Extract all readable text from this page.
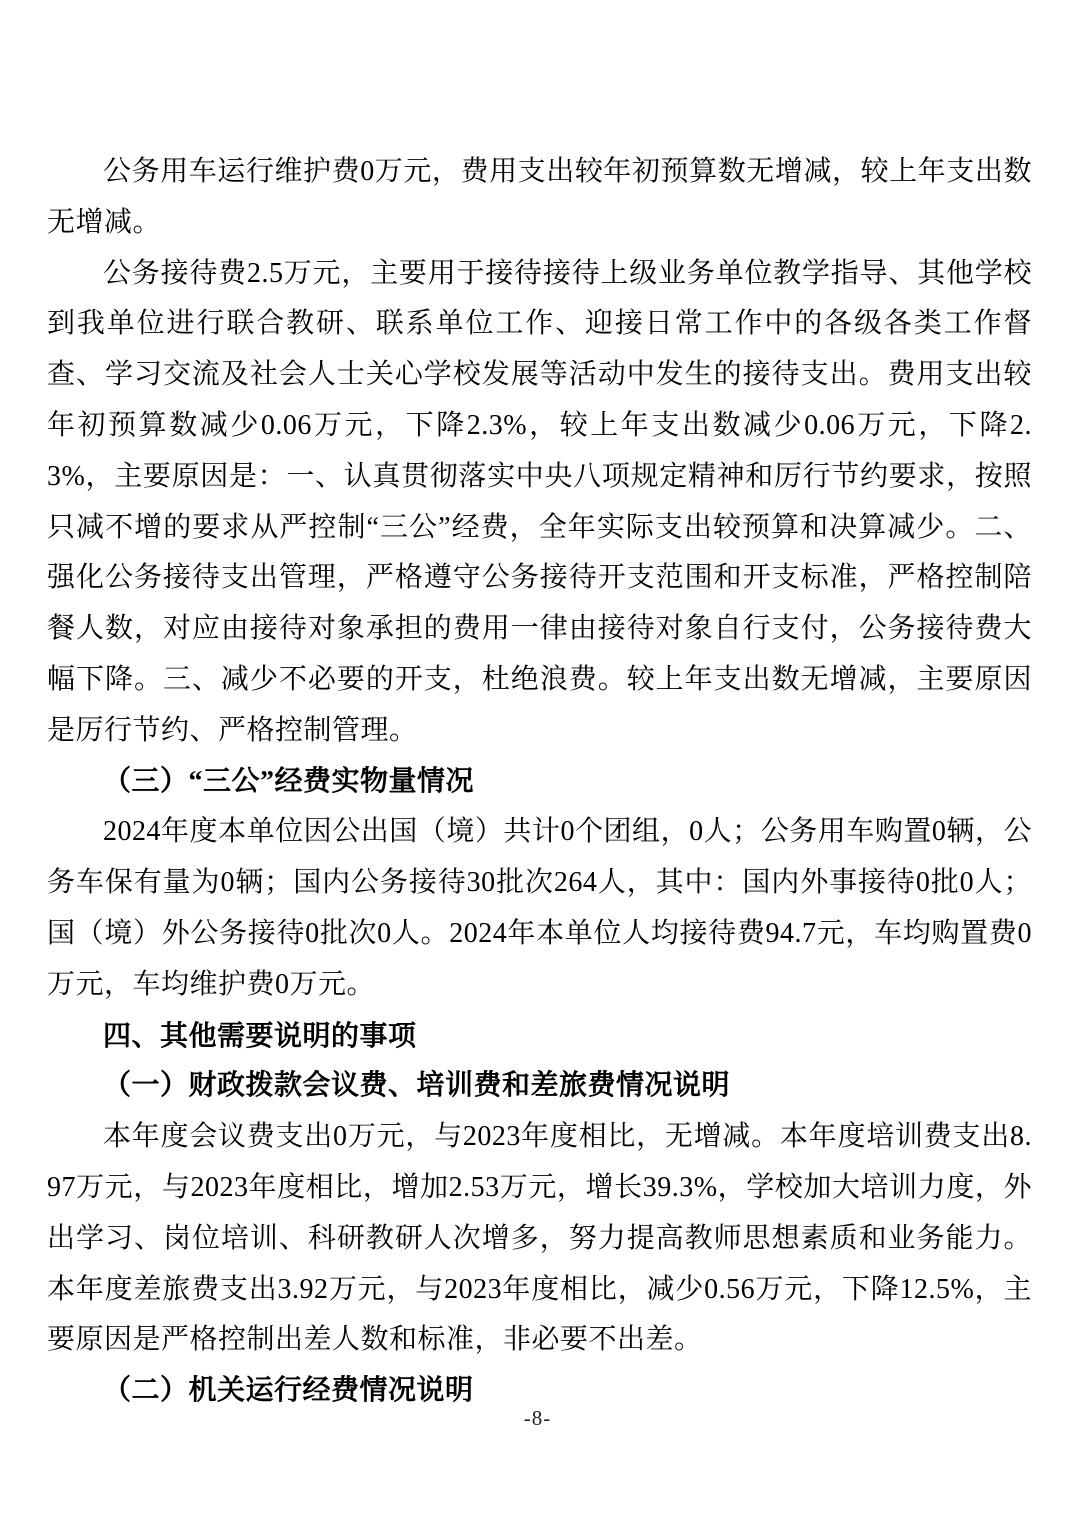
公务用车运行维护费0万元，费用支出较年初预算数无增减，较上年支出数无增减。

公务接待费2.5万元，主要用于接待接待上级业务单位教学指导、其他学校到我单位进行联合教研、联系单位工作、迎接日常工作中的各级各类工作督查、学习交流及社会人士关心学校发展等活动中发生的接待支出。费用支出较年初预算数减少0.06万元，下降2.3%，较上年支出数减少0.06万元，下降2.3%，主要原因是：一、认真贯彻落实中央八项规定精神和厉行节约要求，按照只减不增的要求从严控制“三公”经费，全年实际支出较预算和决算减少。二、强化公务接待支出管理，严格遵守公务接待开支范围和开支标准，严格控制陪餐人数，对应由接待对象承担的费用一律由接待对象自行支付，公务接待费大幅下降。三、减少不必要的开支，杜绝浪费。较上年支出数无增减，主要原因是厉行节约、严格控制管理。

（三）“三公”经费实物量情况

2024年度本单位因公出国（境）共计0个团组，0人；公务用车购置0辆，公务车保有量为0辆；国内公务接待30批次264人，其中：国内外事接待0批0人；国（境）外公务接待0批次0人。2024年本单位人均接待费94.7元，车均购置费0万元，车均维护费0万元。

四、其他需要说明的事项
（一）财政拨款会议费、培训费和差旅费情况说明

本年度会议费支出0万元，与2023年度相比，无增减。本年度培训费支出8.97万元，与2023年度相比，增加2.53万元，增长39.3%，学校加大培训力度，外出学习、岗位培训、科研教研人次增多，努力提高教师思想素质和业务能力。本年度差旅费支出3.92万元，与2023年度相比，减少0.56万元，下降12.5%，主要原因是严格控制出差人数和标准，非必要不出差。

（二）机关运行经费情况说明
-8-
